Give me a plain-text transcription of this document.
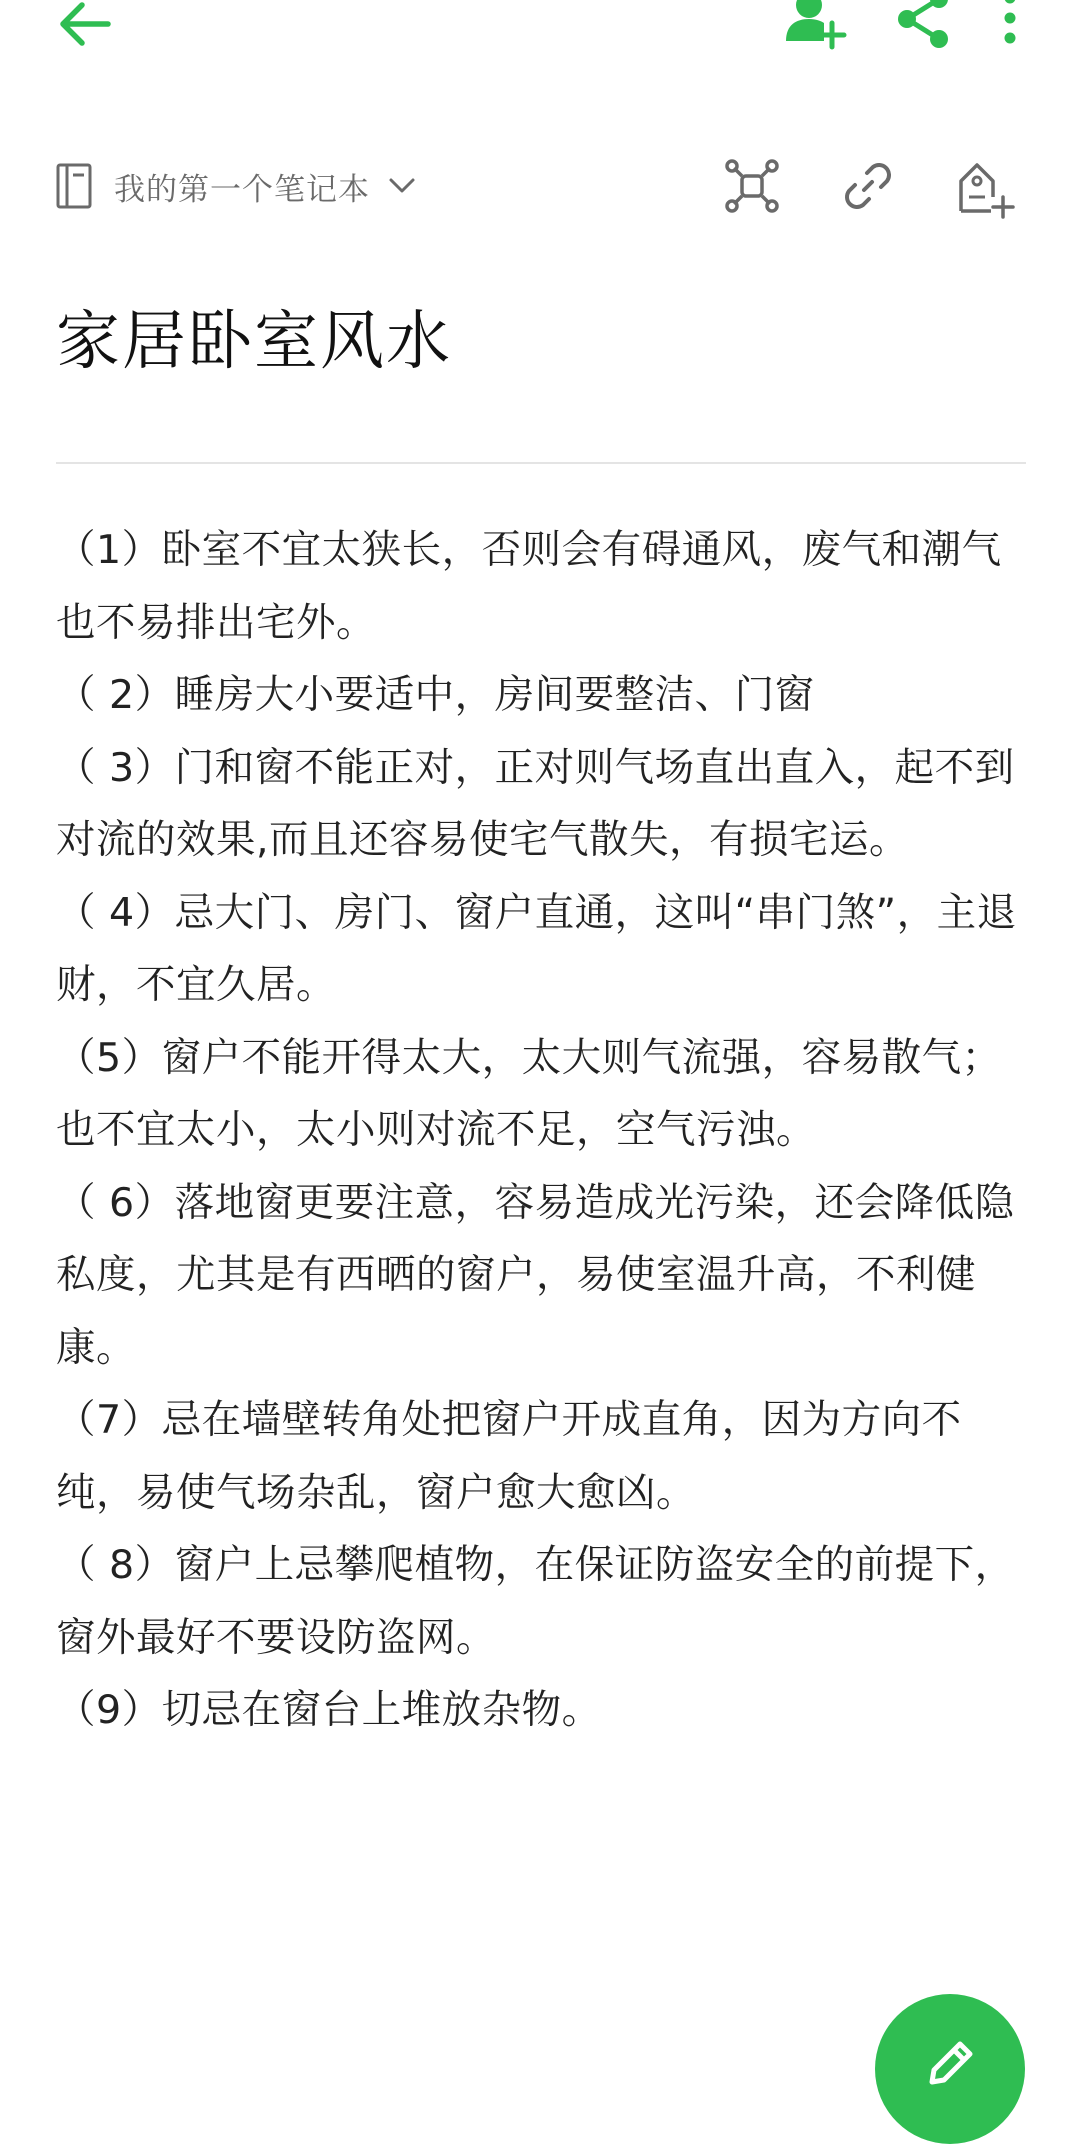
我的第一个笔记本
家居卧室风水

（1）卧室不宜太狭长，否则会有碍通风，废气和潮气也不易排出宅外。

（ 2）睡房大小要适中，房间要整洁、门窗

（ 3）门和窗不能正对，正对则气场直出直入，起不到对流的效果,而且还容易使宅气散失，有损宅运。

（ 4）忌大门、房门、窗户直通，这叫“串门煞”，主退财，不宜久居。

（5）窗户不能开得太大，太大则气流强，容易散气；也不宜太小，太小则对流不足，空气污浊。

（ 6）落地窗更要注意，容易造成光污染，还会降低隐私度，尤其是有西晒的窗户，易使室温升高，不利健康。

（7）忌在墙壁转角处把窗户开成直角，因为方向不纯，易使气场杂乱，窗户愈大愈凶。

（ 8）窗户上忌攀爬植物，在保证防盗安全的前提下，窗外最好不要设防盗网。

（9）切忌在窗台上堆放杂物。
